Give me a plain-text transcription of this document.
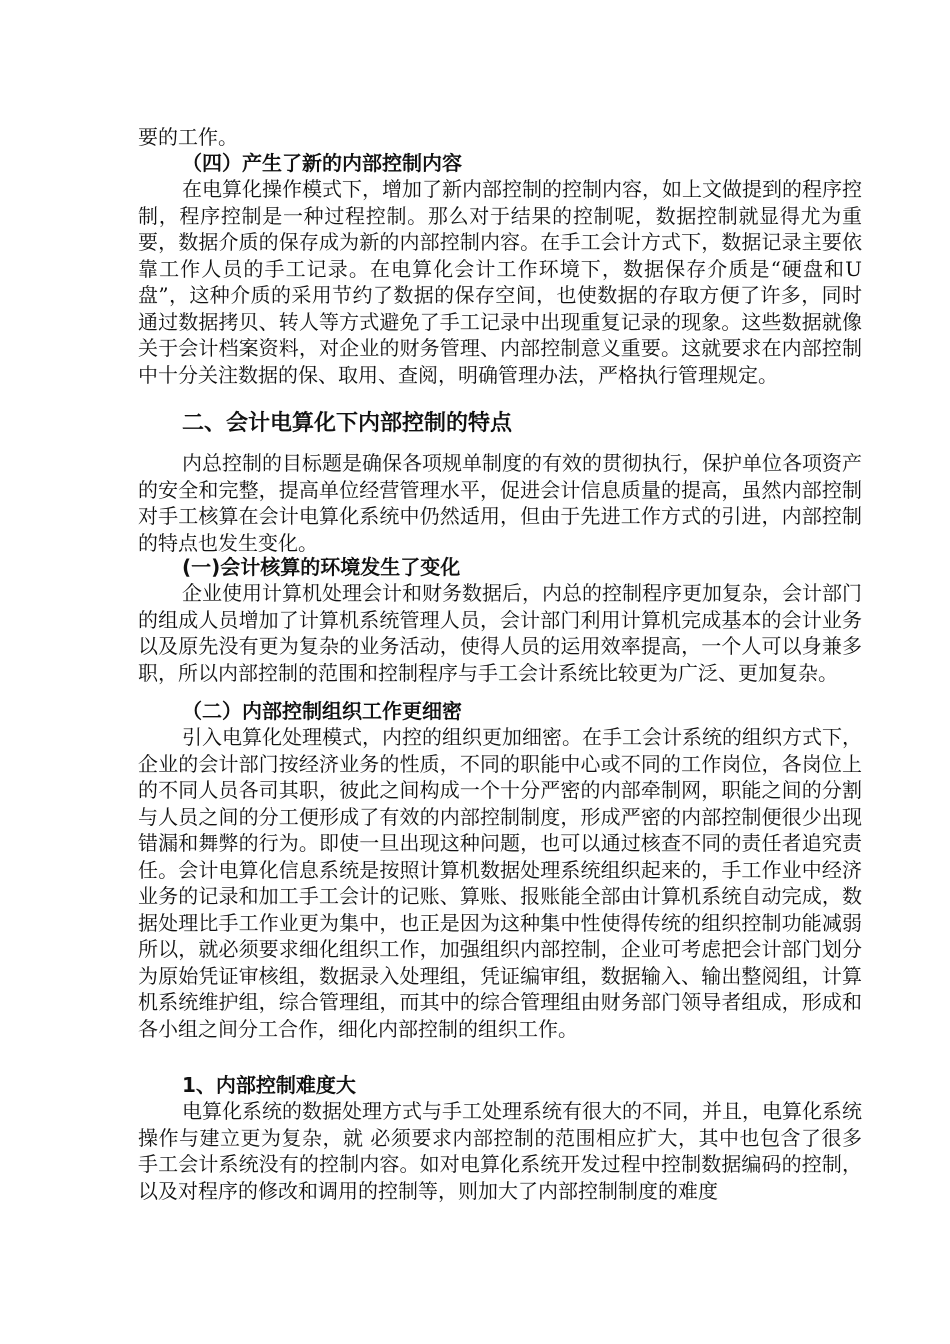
要的工作。

（四）产生了新的内部控制内容

在电算化操作模式下，增加了新内部控制的控制内容，如上文做提到的程序控制，程序控制是一种过程控制。那么对于结果的控制呢，数据控制就显得尤为重要，数据介质的保存成为新的内部控制内容。在手工会计方式下，数据记录主要依靠工作人员的手工记录。在电算化会计工作环境下，数据保存介质是“硬盘和U盘”，这种介质的采用节约了数据的保存空间，也使数据的存取方便了许多，同时通过数据拷贝、转人等方式避免了手工记录中出现重复记录的现象。这些数据就像关于会计档案资料，对企业的财务管理、内部控制意义重要。这就要求在内部控制中十分关注数据的保、取用、查阅，明确管理办法，严格执行管理规定。

二、会计电算化下内部控制的特点

内总控制的目标题是确保各项规单制度的有效的贯彻执行，保护单位各项资产的安全和完整，提高单位经营管理水平，促进会计信息质量的提高，虽然内部控制对手工核算在会计电算化系统中仍然适用，但由于先进工作方式的引进，内部控制的特点也发生变化。

(一)会计核算的环境发生了变化

企业使用计算机处理会计和财务数据后，内总的控制程序更加复杂，会计部门的组成人员增加了计算机系统管理人员，会计部门利用计算机完成基本的会计业务以及原先没有更为复杂的业务活动，使得人员的运用效率提高，一个人可以身兼多职，所以内部控制的范围和控制程序与手工会计系统比较更为广泛、更加复杂。

（二）内部控制组织工作更细密

引入电算化处理模式，内控的组织更加细密。在手工会计系统的组织方式下，企业的会计部门按经济业务的性质，不同的职能中心或不同的工作岗位，各岗位上的不同人员各司其职，彼此之间构成一个十分严密的内部牵制网，职能之间的分割与人员之间的分工便形成了有效的内部控制制度，形成严密的内部控制便很少出现错漏和舞弊的行为。即使一旦出现这种问题，也可以通过核查不同的责任者追究责任。会计电算化信息系统是按照计算机数据处理系统组织起来的，手工作业中经济业务的记录和加工手工会计的记账、算账、报账能全部由计算机系统自动完成，数据处理比手工作业更为集中，也正是因为这种集中性使得传统的组织控制功能减弱所以，就必须要求细化组织工作，加强组织内部控制，企业可考虑把会计部门划分为原始凭证审核组，数据录入处理组，凭证编审组，数据输入、输出整阅组，计算机系统维护组，综合管理组，而其中的综合管理组由财务部门领导者组成，形成和各小组之间分工合作，细化内部控制的组织工作。

1、内部控制难度大

电算化系统的数据处理方式与手工处理系统有很大的不同，并且，电算化系统操作与建立更为复杂，就 必须要求内部控制的范围相应扩大，其中也包含了很多手工会计系统没有的控制内容。如对电算化系统开发过程中控制数据编码的控制，以及对程序的修改和调用的控制等，则加大了内部控制制度的难度
